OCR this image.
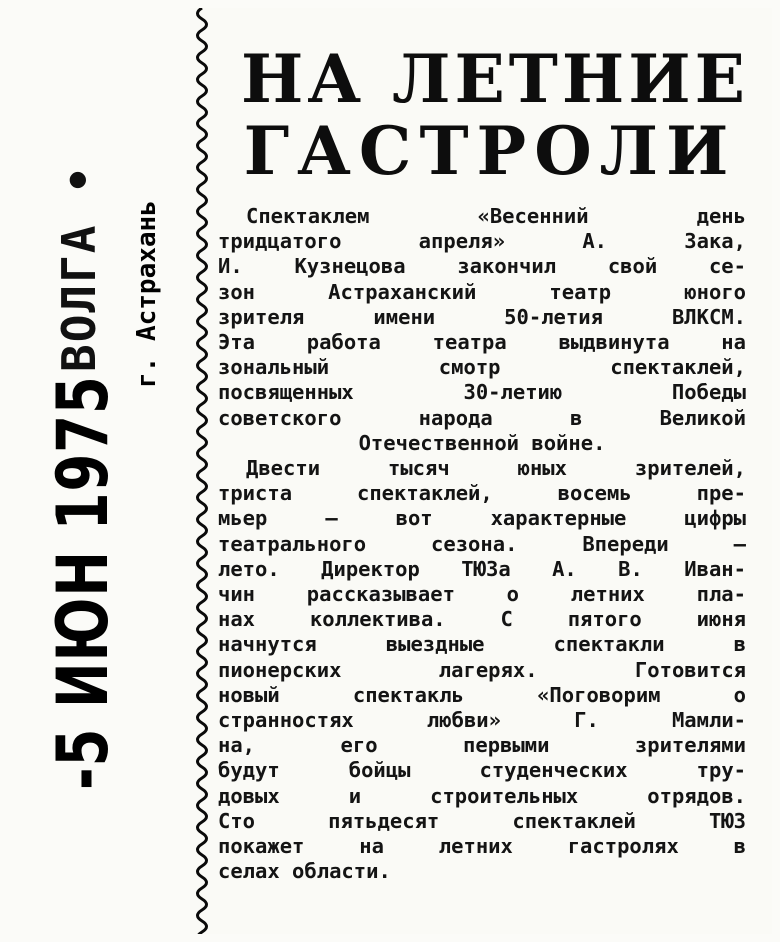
ВОЛГА • г. Астрахань
-5 ИЮН 1975
НА ЛЕТНИЕ
ГАСТРОЛИ
Спектаклем «Весенний день
тридцатого апреля» А. Зака,
И. Кузнецова закончил свой се-
зон Астраханский театр юного
зрителя имени 50-летия ВЛКСМ.
Эта работа театра выдвинута на
зональный смотр спектаклей,
посвященных 30-летию Победы
советского народа в Великой
Отечественной войне.
Двести тысяч юных зрителей,
триста спектаклей, восемь пре-
мьер — вот характерные цифры
театрального сезона. Впереди —
лето. Директор ТЮЗа А. В. Иван-
чин рассказывает о летних пла-
нах коллектива. С пятого июня
начнутся выездные спектакли в
пионерских лагерях. Готовится
новый спектакль «Поговорим о
странностях любви» Г. Мамли-
на, его первыми зрителями
будут бойцы студенческих тру-
довых и строительных отрядов.
Сто пятьдесят спектаклей ТЮЗ
покажет на летних гастролях в
селах области.
